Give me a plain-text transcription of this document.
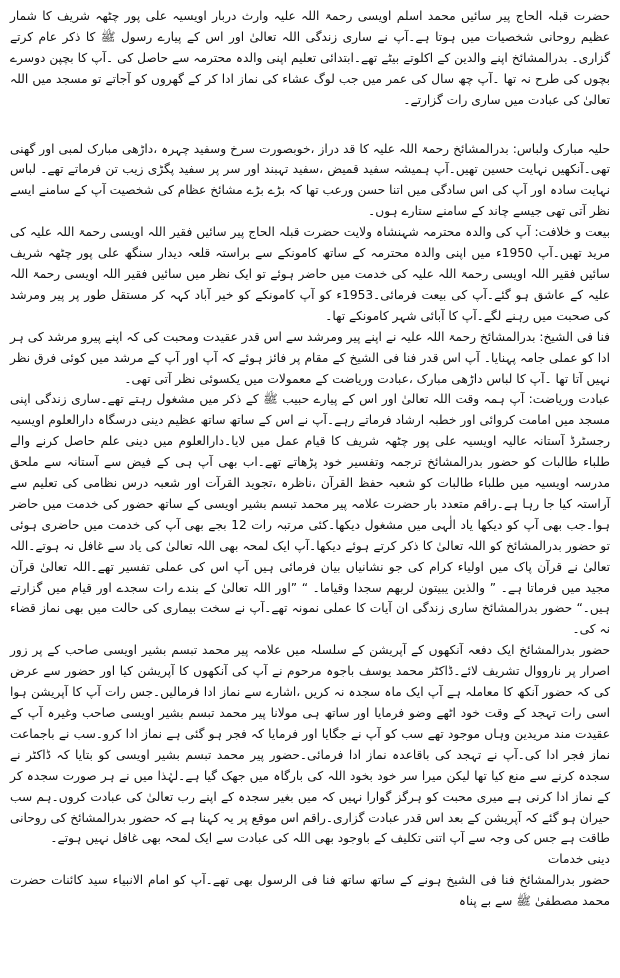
حضرت قبلہ الحاج پیر سائیں محمد اسلم اویسی رحمۃ اللہ علیہ وارث دربار اویسیہ علی پور چٹھہ شریف کا شمار عظیم روحانی شخصیات میں ہوتا ہے۔آپ نے ساری زندگی اللہ تعالیٰ اور اس کے پیارے رسول ﷺ کا ذکر عام کرتے گزاری۔ بدرالمشائخ اپنے والدین کے اکلوتے بیٹے تھے۔ابتدائی تعلیم اپنی والدہ محترمہ سے حاصل کی ۔آپ کا بچپن دوسرے بچوں کی طرح نہ تھا ۔آپ چھ سال کی عمر میں جب لوگ عشاء کی نماز ادا کر کے گھروں کو آجاتے تو مسجد میں اللہ تعالیٰ کی عبادت میں ساری رات گزارتے۔

حلیہ مبارک ولباس: بدرالمشائخ رحمۃ اللہ علیہ کا قد دراز ،خوبصورت سرخ وسفید چہرہ ،داڑھی مبارک لمبی اور گھنی تھی۔آنکھیں نہایت حسین تھیں۔آپ ہمیشہ سفید قمیض ،سفید تہبند اور سر پر سفید پگڑی زیب تن فرماتے تھے۔ لباس نہایت سادہ اور آپ کی اس سادگی میں اتنا حسن ورعب تھا کہ بڑے بڑے مشائخ عظام کی شخصیت آپ کے سامنے ایسے نظر آتی تھی جیسے چاند کے سامنے ستارے ہوں۔

بیعت و خلافت: آپ کی والدہ محترمہ شہنشاہ ولایت حضرت قبلہ الحاج پیر سائیں فقیر اللہ اویسی رحمۃ اللہ علیہ کی مرید تھیں۔آپ 1950ء میں اپنی والدہ محترمہ کے ساتھ کامونکے سے براستہ قلعہ دیدار سنگھ علی پور چٹھہ شریف سائیں فقیر اللہ اویسی رحمۃ اللہ علیہ کی خدمت میں حاضر ہوئے تو ایک نظر میں سائیں فقیر اللہ اویسی رحمۃ اللہ علیہ کے عاشق ہو گئے۔آپ کی بیعت فرمائی۔1953ء کو آپ کامونکے کو خیر آباد کہہ کر مستقل طور پر پیر ومرشد کی صحبت میں رہنے لگے۔آپ کا آبائی شہر کامونکے تھا۔

فنا فی الشیخ: بدرالمشائخ رحمۃ اللہ علیہ نے اپنے پیر ومرشد سے اس قدر عقیدت ومحبت کی کہ اپنے پیرو مرشد کی ہر ادا کو عملی جامہ پہنایا۔ آپ اس قدر فنا فی الشیخ کے مقام پر فائز ہوئے کہ آپ اور آپ کے مرشد میں کوئی فرق نظر نہیں آتا تھا ۔آپ کا لباس داڑھی مبارک ،عبادت وریاضت کے معمولات میں یکسوئی نظر آتی تھی۔

عبادت وریاضت: آپ ہمہ وقت اللہ تعالیٰ اور اس کے پیارے حبیب ﷺ کے ذکر میں مشغول رہتے تھے۔ساری زندگی اپنی مسجد میں امامت کروائی اور خطبہ ارشاد فرماتے رہے۔آپ نے اس کے ساتھ ساتھ عظیم دینی درسگاہ دارالعلوم اویسیہ رجسٹرڈ آستانہ عالیہ اویسیہ علی پور چٹھہ شریف کا قیام عمل میں لایا۔دارالعلوم میں دینی علم حاصل کرنے والے طلباء طالبات کو حضور بدرالمشائخ ترجمہ وتفسیر خود پڑھاتے تھے۔اب بھی آپ ہی کے فیض سے آستانہ سے ملحق مدرسہ اویسیہ میں طلباء طالبات کو شعبہ حفظ القرآن ،ناظرہ ،تجوید القرآت اور شعبہ درس نظامی کی تعلیم سے آراستہ کیا جا رہا ہے۔راقم متعدد بار حضرت علامہ پیر محمد تبسم بشیر اویسی کے ساتھ حضور کی خدمت میں حاضر ہوا۔جب بھی آپ کو دیکھا یاد الٰہی میں مشغول دیکھا۔کئی مرتبہ رات 12 بجے بھی آپ کی خدمت میں حاضری ہوئی تو حضور بدرالمشائخ کو اللہ تعالیٰ کا ذکر کرتے ہوئے دیکھا۔آپ ایک لمحہ بھی اللہ تعالیٰ کی یاد سے غافل نہ ہوتے۔اللہ تعالیٰ نے قرآن پاک میں اولیاء کرام کی جو نشانیاں بیان فرمائی ہیں آپ اس کی عملی تفسیر تھے۔اللہ تعالیٰ قرآن مجید میں فرماتا ہے۔ ” والذین یبیتون لربھم سجدا وقیاما۔ “ ”اور اللہ تعالیٰ کے بندے رات سجدے اور قیام میں گزارتے ہیں۔“ حضور بدرالمشائخ ساری زندگی ان آیات کا عملی نمونہ تھے۔آپ نے سخت بیماری کی حالت میں بھی نماز قضاء نہ کی۔

حضور بدرالمشائخ ایک دفعہ آنکھوں کے آپریشن کے سلسلہ میں علامہ پیر محمد تبسم بشیر اویسی صاحب کے پر زور اصرار پر نارووال تشریف لائے۔ڈاکٹر محمد یوسف باجوہ مرحوم نے آپ کی آنکھوں کا آپریشن کیا اور حضور سے عرض کی کہ حضور آنکھ کا معاملہ ہے آپ ایک ماہ سجدہ نہ کریں ،اشارے سے نماز ادا فرمالیں۔جس رات آپ کا آپریشن ہوا اسی رات تہجد کے وقت خود اٹھے وضو فرمایا اور ساتھ ہی مولانا پیر محمد تبسم بشیر اویسی صاحب وغیرہ آپ کے عقیدت مند مریدین وہاں موجود تھے سب کو آپ نے جگایا اور فرمایا کہ فجر ہو گئی ہے نماز ادا کرو۔سب نے باجماعت نماز فجر ادا کی۔آپ نے تہجد کی باقاعدہ نماز ادا فرمائی۔حضور پیر محمد تبسم بشیر اویسی کو بتایا کہ ڈاکٹر نے سجدہ کرنے سے منع کیا تھا لیکن میرا سر خود بخود اللہ کی بارگاہ میں جھک گیا ہے۔لہٰذا میں نے ہر صورت سجدہ کر کے نماز ادا کرنی ہے میری محبت کو ہرگز گوارا نہیں کہ میں بغیر سجدہ کے اپنے رب تعالیٰ کی عبادت کروں۔ہم سب حیران ہو گئے کہ آپریشن کے بعد اس قدر عبادت گزاری۔راقم اس موقع پر یہ کہنا ہے کہ حضور بدرالمشائخ کی روحانی طاقت ہے جس کی وجہ سے آپ اتنی تکلیف کے باوجود بھی اللہ کی عبادت سے ایک لمحہ بھی غافل نہیں ہوتے۔

دینی خدمات

حضور بدرالمشائخ فنا فی الشیخ ہونے کے ساتھ ساتھ فنا فی الرسول بھی تھے۔آپ کو امام الانبیاء سید کائنات حضرت محمد مصطفیٰ ﷺ سے بے پناہ
